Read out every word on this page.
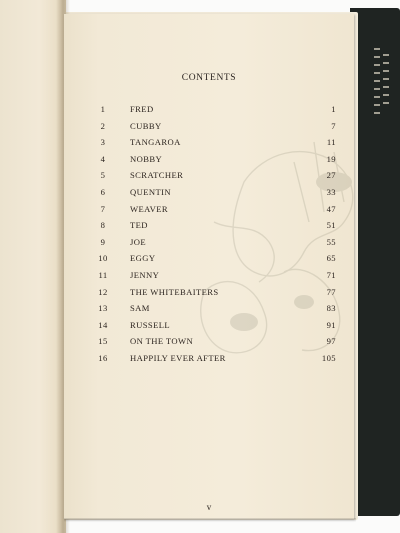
CONTENTS
1	FRED	1
2	CUBBY	7
3	TANGAROA	11
4	NOBBY	19
5	SCRATCHER	27
6	QUENTIN	33
7	WEAVER	47
8	TED	51
9	JOE	55
10	EGGY	65
11	JENNY	71
12	THE WHITEBAITERS	77
13	SAM	83
14	RUSSELL	91
15	ON THE TOWN	97
16	HAPPILY EVER AFTER	105
v
